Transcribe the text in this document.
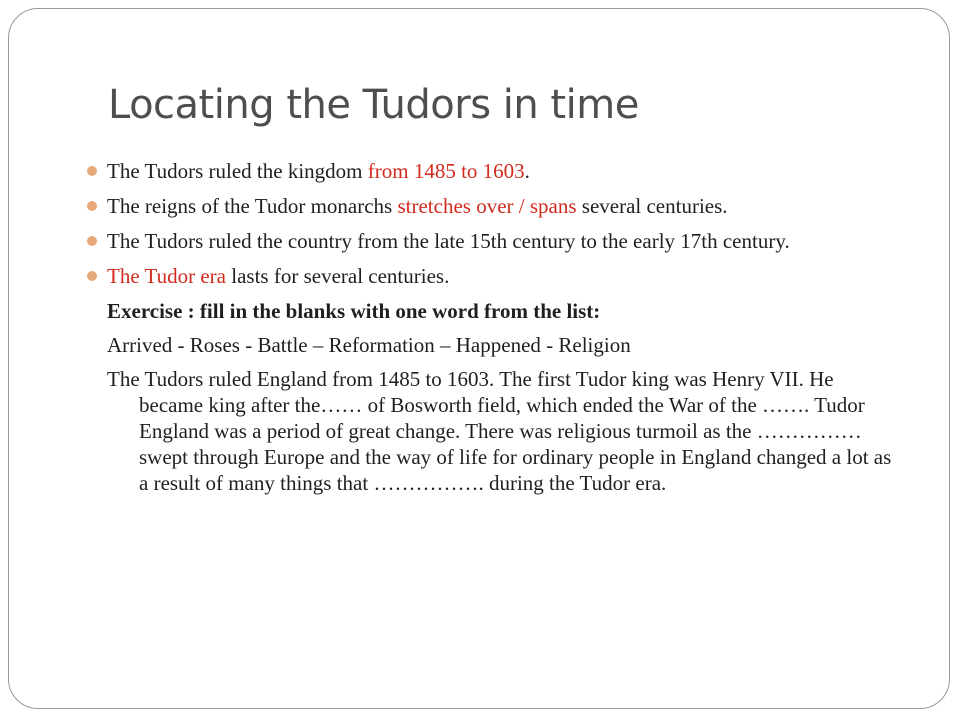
Locating the Tudors in time
The Tudors ruled the kingdom from 1485 to 1603.
The reigns of the Tudor monarchs stretches over / spans several centuries.
The Tudors ruled the country from the late 15th century to the early 17th century.
The Tudor era lasts for several centuries.

Exercise : fill in the blanks with one word from the list:

Arrived - Roses - Battle – Reformation – Happened - Religion

The Tudors ruled England from 1485 to 1603. The first Tudor king was Henry VII. He became king after the…… of Bosworth field, which ended the War of the ……. Tudor England was a period of great change. There was religious turmoil as the ……………swept through Europe and the way of life for ordinary people in England changed a lot as a result of many things that ……………. during the Tudor era.
